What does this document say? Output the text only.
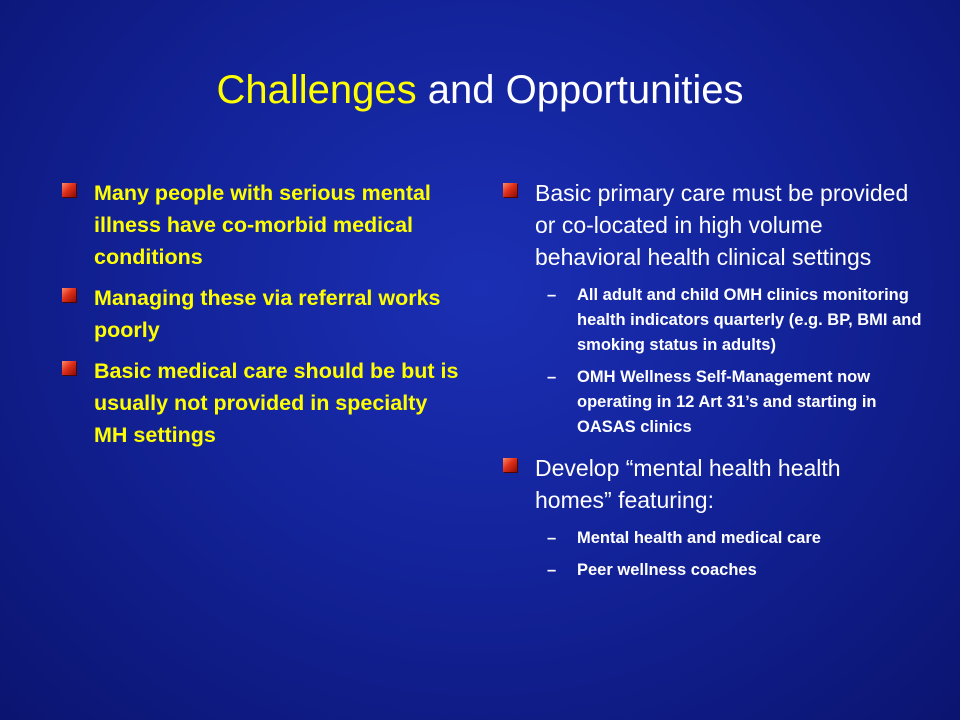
Challenges and Opportunities
Many people with serious mental illness have co-morbid medical conditions
Managing these via referral works poorly
Basic medical care should be but is usually not provided in specialty MH settings
Basic primary care must be provided or co-located in high volume behavioral health clinical settings
– All adult and child OMH clinics monitoring health indicators quarterly (e.g. BP, BMI and smoking status in adults)
– OMH Wellness Self-Management now operating in 12 Art 31’s and starting in OASAS clinics
Develop “mental health health homes” featuring:
– Mental health and medical care
– Peer wellness coaches
